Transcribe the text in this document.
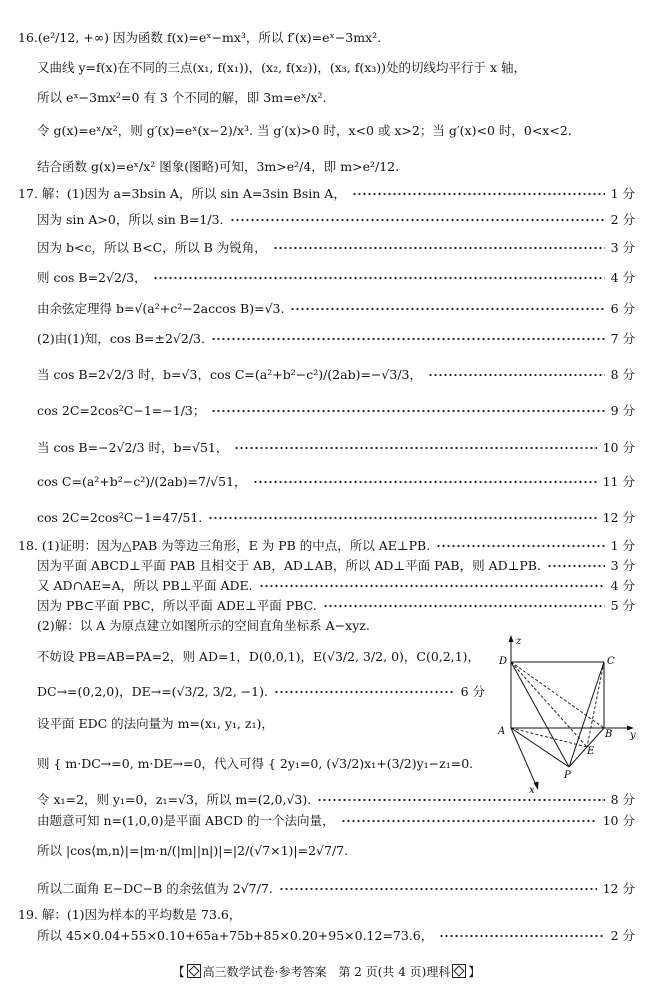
16.(e²/12, +∞) 因为函数 f(x)=eˣ−mx³，所以 f′(x)=eˣ−3mx².
又曲线 y=f(x)在不同的三点(x₁, f(x₁))，(x₂, f(x₂))，(x₃, f(x₃))处的切线均平行于 x 轴，
所以 eˣ−3mx²=0 有 3 个不同的解，即 3m=eˣ/x².
令 g(x)=eˣ/x²，则 g′(x)=eˣ(x−2)/x³. 当 g′(x)>0 时，x<0 或 x>2；当 g′(x)<0 时，0<x<2.
结合函数 g(x)=eˣ/x² 图象(图略)可知，3m>e²/4，即 m>e²/12.
17. 解：(1)因为 a=3bsin A，所以 sin A=3sin Bsin A，	1 分
因为 sin A>0，所以 sin B=1/3.	2 分
因为 b<c，所以 B<C，所以 B 为锐角，	3 分
则 cos B=2√2/3，	4 分
由余弦定理得 b=√(a²+c²−2accos B)=√3.	6 分
(2)由(1)知，cos B=±2√2/3.	7 分
当 cos B=2√2/3 时，b=√3，cos C=(a²+b²−c²)/(2ab)=−√3/3，	8 分
cos 2C=2cos²C−1=−1/3；	9 分
当 cos B=−2√2/3 时，b=√51，	10 分
cos C=(a²+b²−c²)/(2ab)=7/√51，	11 分
cos 2C=2cos²C−1=47/51.	12 分
18. (1)证明：因为△PAB 为等边三角形，E 为 PB 的中点，所以 AE⊥PB.	1 分
因为平面 ABCD⊥平面 PAB 且相交于 AB，AD⊥AB，所以 AD⊥平面 PAB，则 AD⊥PB.	3 分
又 AD∩AE=A，所以 PB⊥平面 ADE.	4 分
因为 PB⊂平面 PBC，所以平面 ADE⊥平面 PBC.	5 分
(2)解：以 A 为原点建立如图所示的空间直角坐标系 A−xyz.
不妨设 PB=AB=PA=2，则 AD=1，D(0,0,1)，E(√3/2, 3/2, 0)，C(0,2,1)，
DC→=(0,2,0)，DE→=(√3/2, 3/2, −1).	6 分
设平面 EDC 的法向量为 m=(x₁, y₁, z₁)，
则 { m·DC→=0, m·DE→=0，代入可得 { 2y₁=0, (√3/2)x₁+(3/2)y₁−z₁=0.
令 x₁=2，则 y₁=0，z₁=√3，所以 m=(2,0,√3).	8 分
由题意可知 n=(1,0,0)是平面 ABCD 的一个法向量，	10 分
所以 |cos⟨m,n⟩|=|m·n/(|m||n|)|=|2/(√7×1)|=2√7/7.
所以二面角 E−DC−B 的余弦值为 2√7/7.	12 分
19. 解：(1)因为样本的平均数是 73.6，
所以 45×0.04+55×0.10+65a+75b+85×0.20+95×0.12=73.6，	2 分
z
D	C
A	B y
E
P
x
【 高三数学试卷·参考答案　第 2 页(共 4 页)理科 】
